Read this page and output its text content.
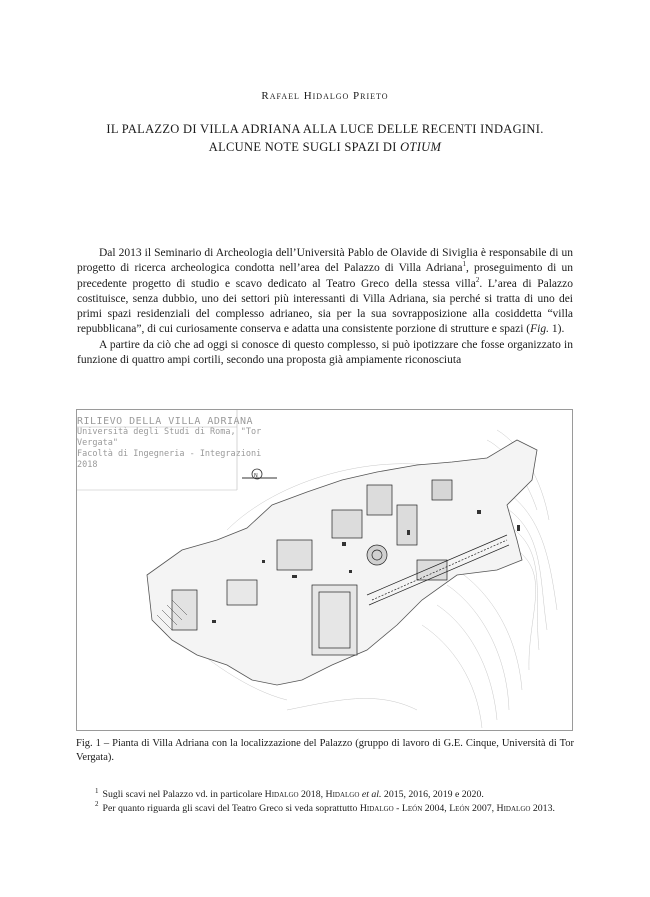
Rafael Hidalgo Prieto
IL PALAZZO DI VILLA ADRIANA ALLA LUCE DELLE RECENTI INDAGINI.
ALCUNE NOTE SUGLI SPAZI DI OTIUM

Dal 2013 il Seminario di Archeologia dell’Università Pablo de Olavide di Siviglia è responsabile di un progetto di ricerca archeologica condotta nell’area del Palazzo di Villa Adriana$^1$, proseguimento di un precedente progetto di studio e scavo dedicato al Teatro Greco della stessa villa$^2$. L’area di Palazzo costituisce, senza dubbio, uno dei settori più interessanti di Villa Adriana, sia perché si tratta di uno dei primi spazi residenziali del complesso adrianeo, sia per la sua sovrapposizione alla cosiddetta “villa repubblicana”, di cui curiosamente conserva e adatta una consistente porzione di strutture e spazi (Fig. 1).

A partire da ciò che ad oggi si conosce di questo complesso, si può ipotizzare che fosse organizzato in funzione di quattro ampi cortili, secondo una proposta già ampiamente riconosciuta

RILIEVO DELLA VILLA ADRIANA
Università degli Studi di Roma, "Tor
Vergata"
Facoltà di Ingegneria - Integrazioni
2018
N
Fig. 1 – Pianta di Villa Adriana con la localizzazione del Palazzo (gruppo di lavoro di G.E. Cinque, Università di Tor Vergata).

$^1$ Sugli scavi nel Palazzo vd. in particolare Hidalgo 2018, Hidalgo et al. 2015, 2016, 2019 e 2020.

$^2$ Per quanto riguarda gli scavi del Teatro Greco si veda soprattutto Hidalgo - León 2004, León 2007, Hidalgo 2013.
